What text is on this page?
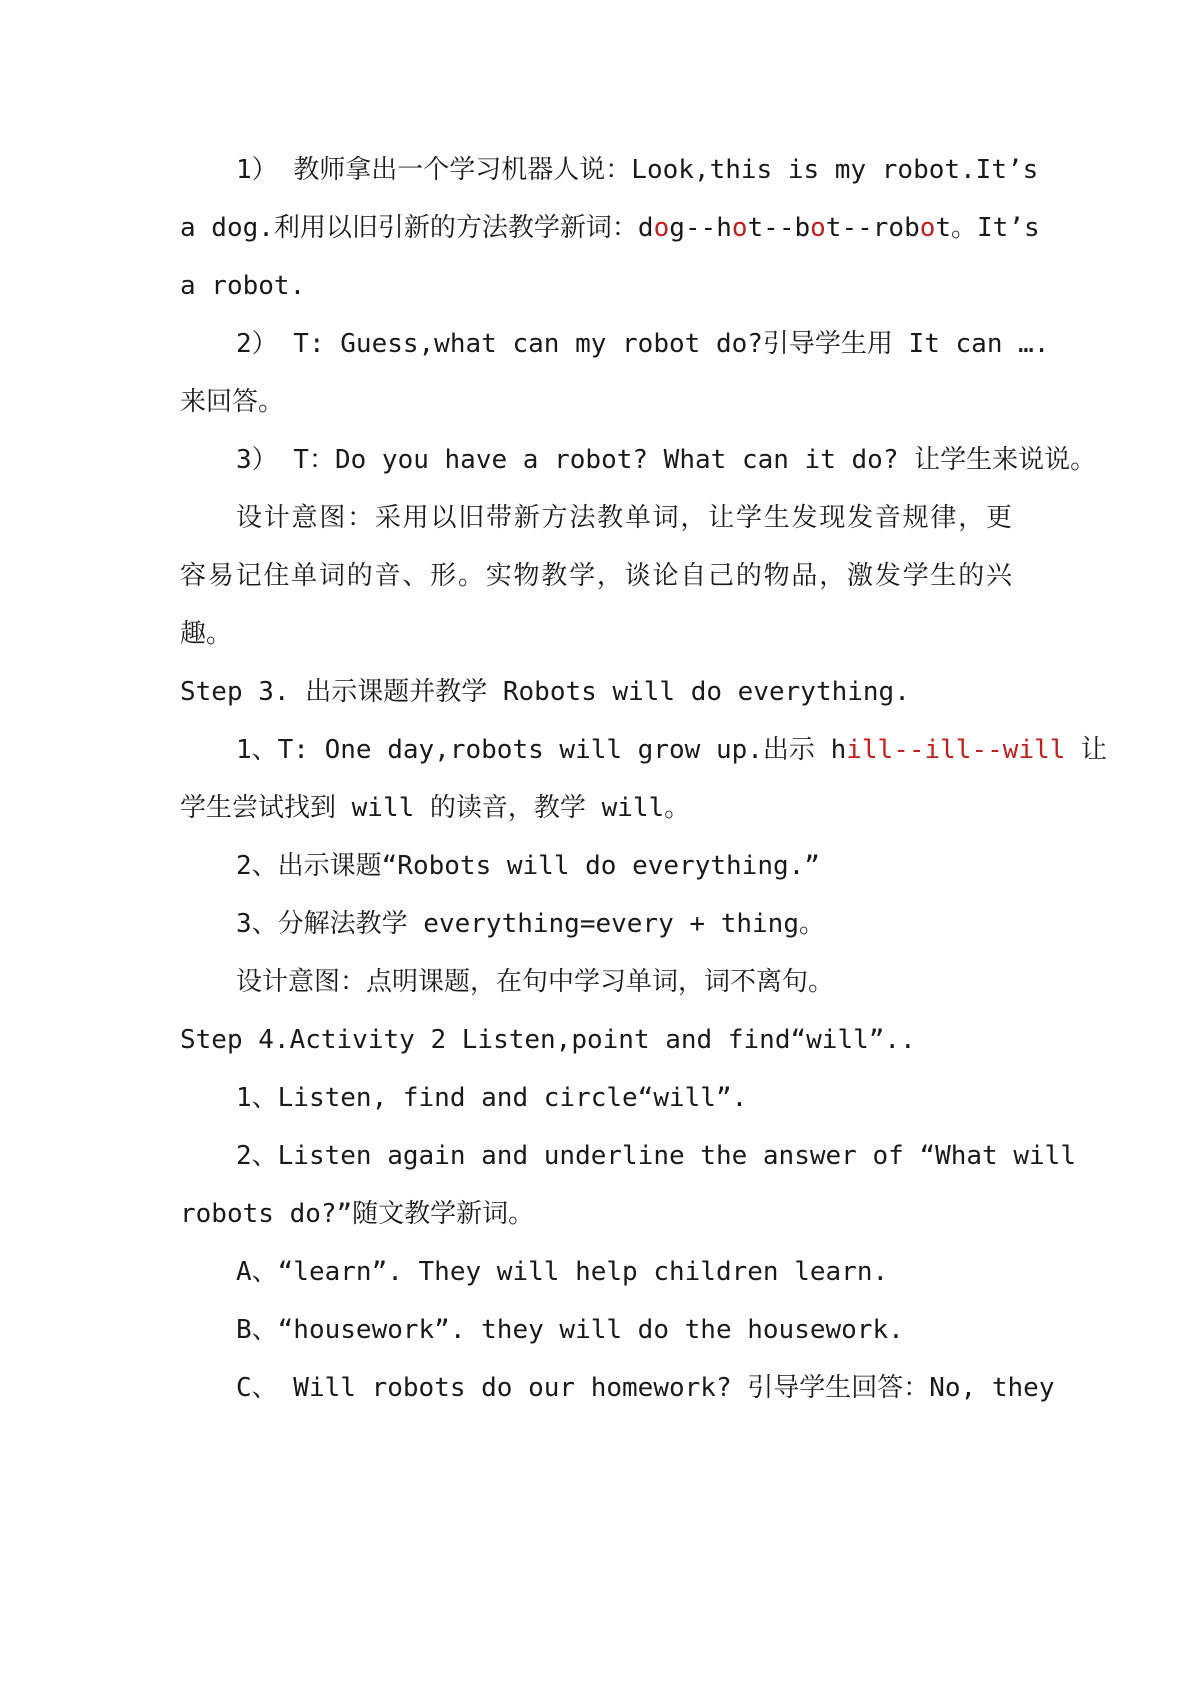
1） 教师拿出一个学习机器人说：Look,this is my robot.It’s
a dog.利用以旧引新的方法教学新词：dog--hot--bot--robot。It’s
a robot.
2） T: Guess,what can my robot do?引导学生用 It can ….
来回答。
3） T：Do you have a robot? What can it do? 让学生来说说。
设计意图：采用以旧带新方法教单词，让学生发现发音规律，更
容易记住单词的音、形。实物教学，谈论自己的物品，激发学生的兴
趣。
Step 3. 出示课题并教学 Robots will do everything.
1、T: One day,robots will grow up.出示 hill--ill--will 让
学生尝试找到 will 的读音，教学 will。
2、出示课题“Robots will do everything.”
3、分解法教学 everything=every + thing。
设计意图：点明课题，在句中学习单词，词不离句。
Step 4.Activity 2 Listen,point and find“will”..
1、Listen, find and circle“will”.
2、Listen again and underline the answer of “What will
robots do?”随文教学新词。
A、“learn”. They will help children learn.
B、“housework”. they will do the housework.
C、 Will robots do our homework? 引导学生回答：No, they
